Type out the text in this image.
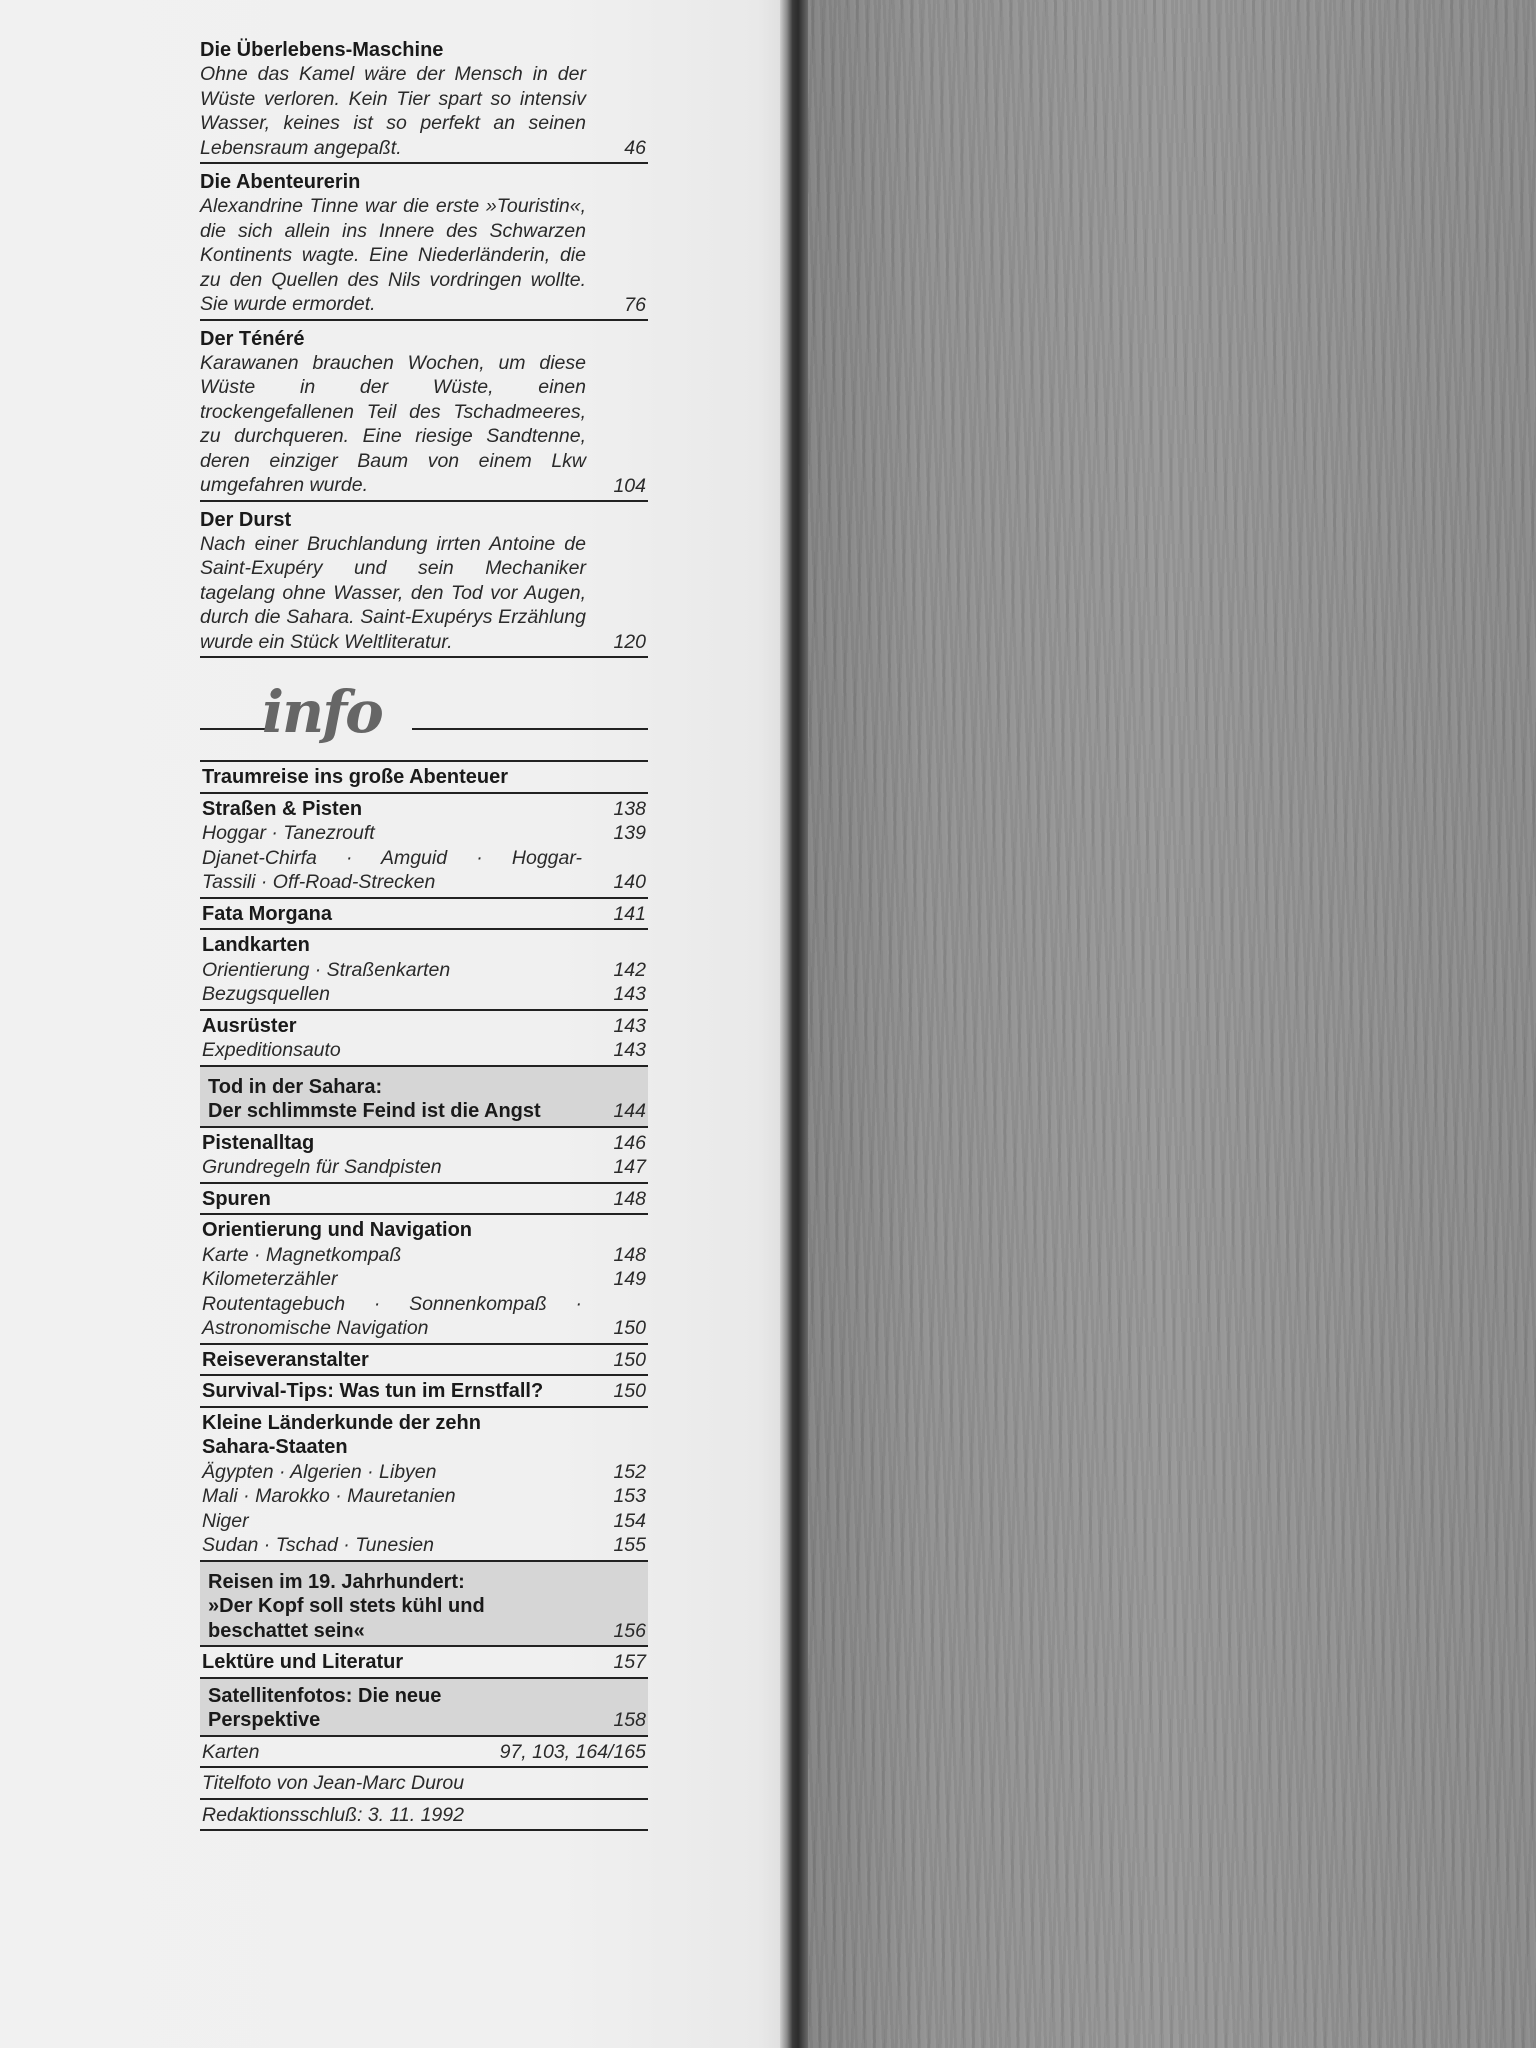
Die Überlebens-Maschine
Ohne das Kamel wäre der Mensch in der Wüste verloren. Kein Tier spart so intensiv Wasser, keines ist so perfekt an seinen Lebensraum angepaßt.	46
Die Abenteurerin
Alexandrine Tinne war die erste »Touristin«, die sich allein ins Innere des Schwarzen Kontinents wagte. Eine Niederländerin, die zu den Quellen des Nils vordringen wollte. Sie wurde ermordet.	76
Der Ténéré
Karawanen brauchen Wochen, um diese Wüste in der Wüste, einen trockengefallenen Teil des Tschadmeeres, zu durchqueren. Eine riesige Sandtenne, deren einziger Baum von einem Lkw umgefahren wurde.	104
Der Durst
Nach einer Bruchlandung irrten Antoine de Saint-Exupéry und sein Mechaniker tagelang ohne Wasser, den Tod vor Augen, durch die Sahara. Saint-Exupérys Erzählung wurde ein Stück Weltliteratur.	120
info
Traumreise ins große Abenteuer
Straßen & Pisten	138
Hoggar · Tanezrouft	139
Djanet-Chirfa · Amguid · Hoggar-
Tassili · Off-Road-Strecken	140
Fata Morgana	141
Landkarten
Orientierung · Straßenkarten	142
Bezugsquellen	143
Ausrüster	143
Expeditionsauto	143
Tod in der Sahara:
Der schlimmste Feind ist die Angst	144
Pistenalltag	146
Grundregeln für Sandpisten	147
Spuren	148
Orientierung und Navigation
Karte · Magnetkompaß	148
Kilometerzähler	149
Routentagebuch · Sonnenkompaß ·
Astronomische Navigation	150
Reiseveranstalter	150
Survival-Tips: Was tun im Ernstfall?	150
Kleine Länderkunde der zehn
Sahara-Staaten
Ägypten · Algerien · Libyen	152
Mali · Marokko · Mauretanien	153
Niger	154
Sudan · Tschad · Tunesien	155
Reisen im 19. Jahrhundert:
»Der Kopf soll stets kühl und
beschattet sein«	156
Lektüre und Literatur	157
Satellitenfotos: Die neue
Perspektive	158
Karten	97, 103, 164/165
Titelfoto von Jean-Marc Durou
Redaktionsschluß: 3. 11. 1992
